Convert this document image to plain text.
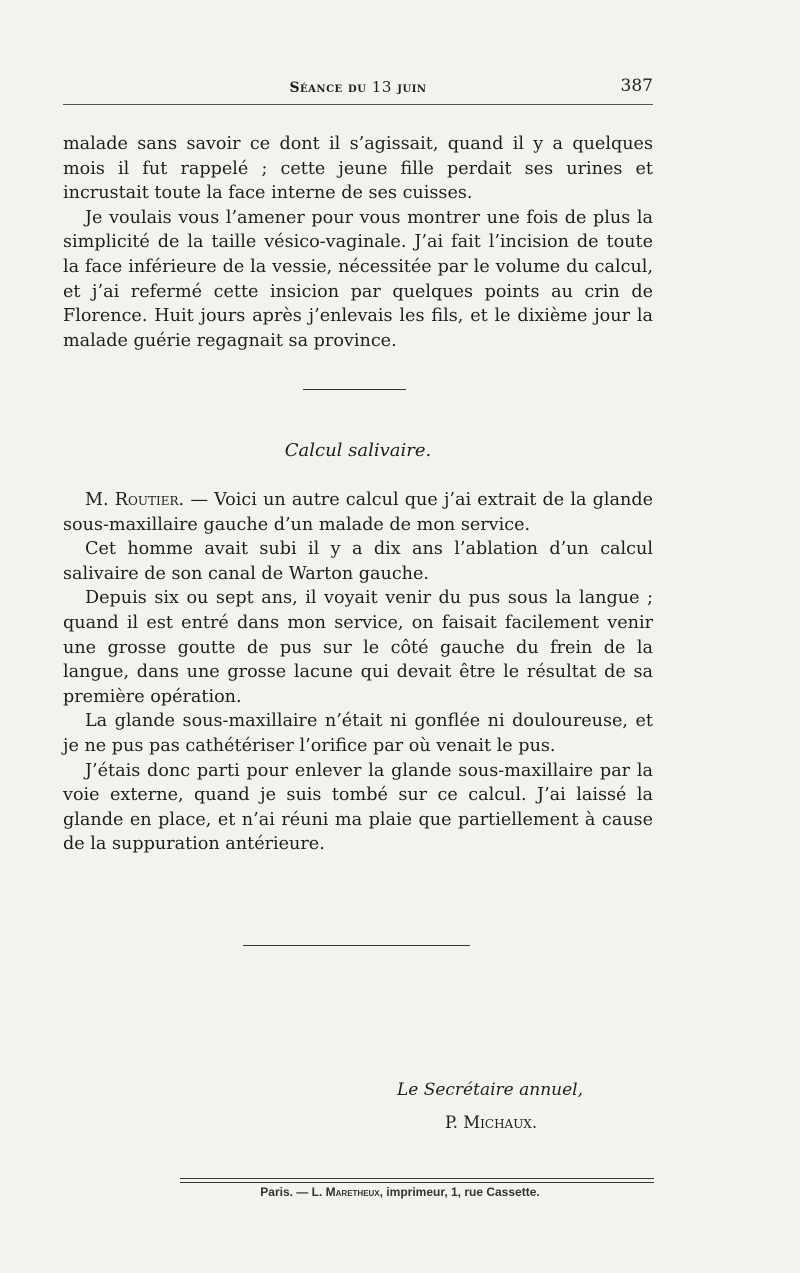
Séance du 13 juin	387

malade sans savoir ce dont il s’agissait, quand il y a quelques mois il fut rappelé ; cette jeune fille perdait ses urines et incrustait toute la face interne de ses cuisses.

Je voulais vous l’amener pour vous montrer une fois de plus la simplicité de la taille vésico-vaginale. J’ai fait l’incision de toute la face inférieure de la vessie, nécessitée par le volume du calcul, et j’ai refermé cette insicion par quelques points au crin de Florence. Huit jours après j’enlevais les fils, et le dixième jour la malade guérie regagnait sa province.

Calcul salivaire.

M. Routier. — Voici un autre calcul que j’ai extrait de la glande sous-maxillaire gauche d’un malade de mon service.

Cet homme avait subi il y a dix ans l’ablation d’un calcul salivaire de son canal de Warton gauche.

Depuis six ou sept ans, il voyait venir du pus sous la langue ; quand il est entré dans mon service, on faisait facilement venir une grosse goutte de pus sur le côté gauche du frein de la langue, dans une grosse lacune qui devait être le résultat de sa première opération.

La glande sous-maxillaire n’était ni gonflée ni douloureuse, et je ne pus pas cathétériser l’orifice par où venait le pus.

J’étais donc parti pour enlever la glande sous-maxillaire par la voie externe, quand je suis tombé sur ce calcul. J’ai laissé la glande en place, et n’ai réuni ma plaie que partiellement à cause de la suppuration antérieure.

Le Secrétaire annuel,
P. Michaux.
Paris. — L. Maretheux, imprimeur, 1, rue Cassette.
